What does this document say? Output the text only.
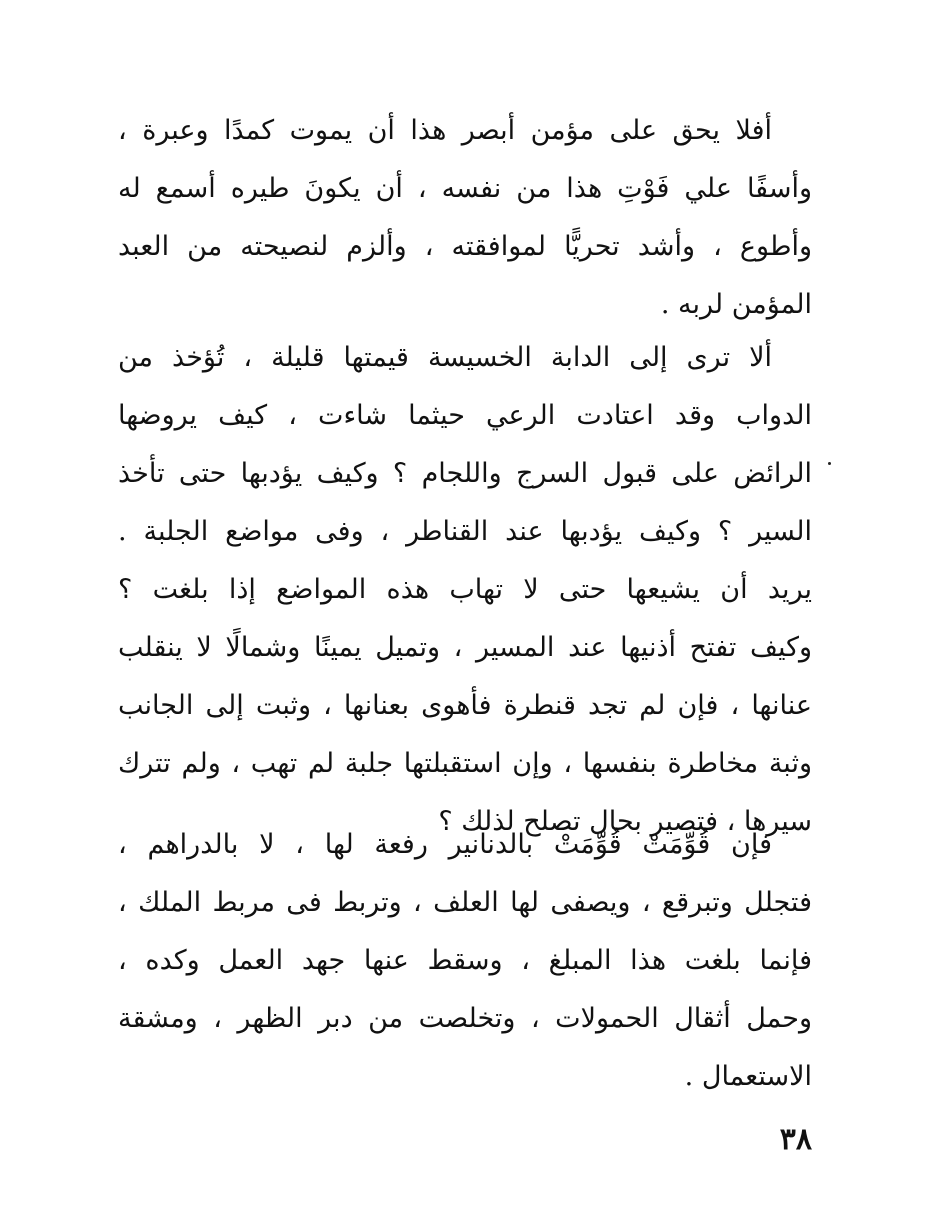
أفلا يحق على مؤمن أبصر هذا أن يموت كمدًا وعبرة ،
وأسفًا علي فَوْتِ هذا من نفسه ، أن يكونَ طيره أسمع له
وأطوع ، وأشد تحريًّا لموافقته ، وألزم لنصيحته من العبد
المؤمن لربه .
ألا ترى إلى الدابة الخسيسة قيمتها قليلة ، تُؤخذ من
الدواب وقد اعتادت الرعي حيثما شاءت ، كيف يروضها
الرائض على قبول السرج واللجام ؟ وكيف يؤدبها حتى تأخذ
السير ؟ وكيف يؤدبها عند القناطر ، وفى مواضع الجلبة .
يريد أن يشيعها حتى لا تهاب هذه المواضع إذا بلغت ؟
وكيف تفتح أذنيها عند المسير ، وتميل يمينًا وشمالًا لا ينقلب
عنانها ، فإن لم تجد قنطرة فأهوى بعنانها ، وثبت إلى الجانب
وثبة مخاطرة بنفسها ، وإن استقبلتها جلبة لم تهب ، ولم تترك
سيرها ، فتصير بحال تصلح لذلك ؟
فإن قُوِّمَتْ قُوِّمَتْ بالدنانير رفعة لها ، لا بالدراهم ،
فتجلل وتبرقع ، ويصفى لها العلف ، وتربط فى مربط الملك ،
فإنما بلغت هذا المبلغ ، وسقط عنها جهد العمل وكده ،
وحمل أثقال الحمولات ، وتخلصت من دبر الظهر ، ومشقة
الاستعمال .
٣٨
